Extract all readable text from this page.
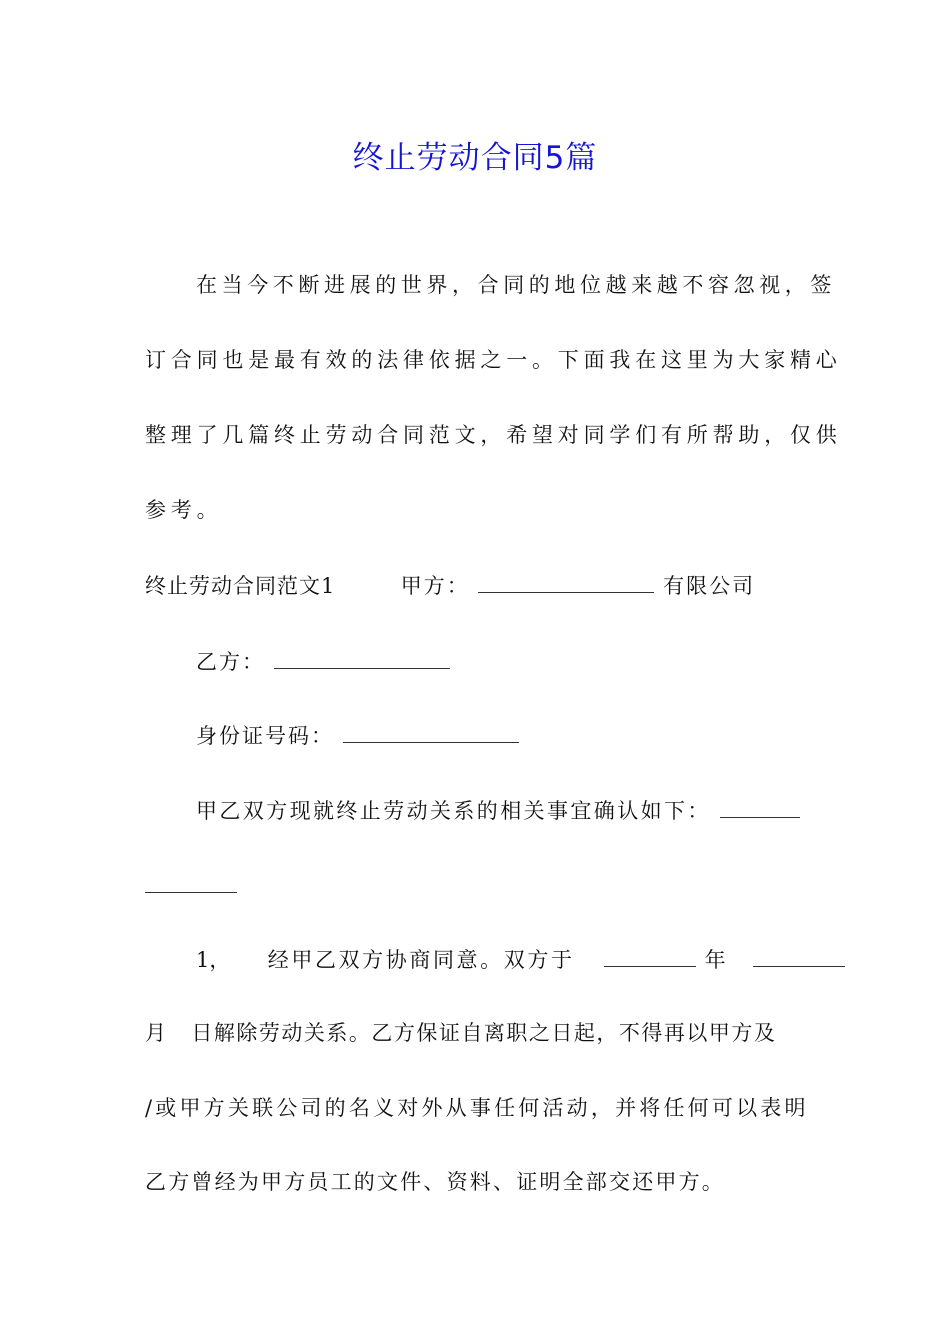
终止劳动合同5篇
在当今不断进展的世界，合同的地位越来越不容忽视，签
订合同也是最有效的法律依据之一。下面我在这里为大家精心
整理了几篇终止劳动合同范文，希望对同学们有所帮助，仅供
参考。
终止劳动合同范文1	甲方：	有限公司
乙方：
身份证号码：
甲乙双方现就终止劳动关系的相关事宜确认如下：
1， 经甲乙双方协商同意。双方于	年
月 日解除劳动关系。乙方保证自离职之日起，不得再以甲方及
/或甲方关联公司的名义对外从事任何活动，并将任何可以表明
乙方曾经为甲方员工的文件、资料、证明全部交还甲方。
